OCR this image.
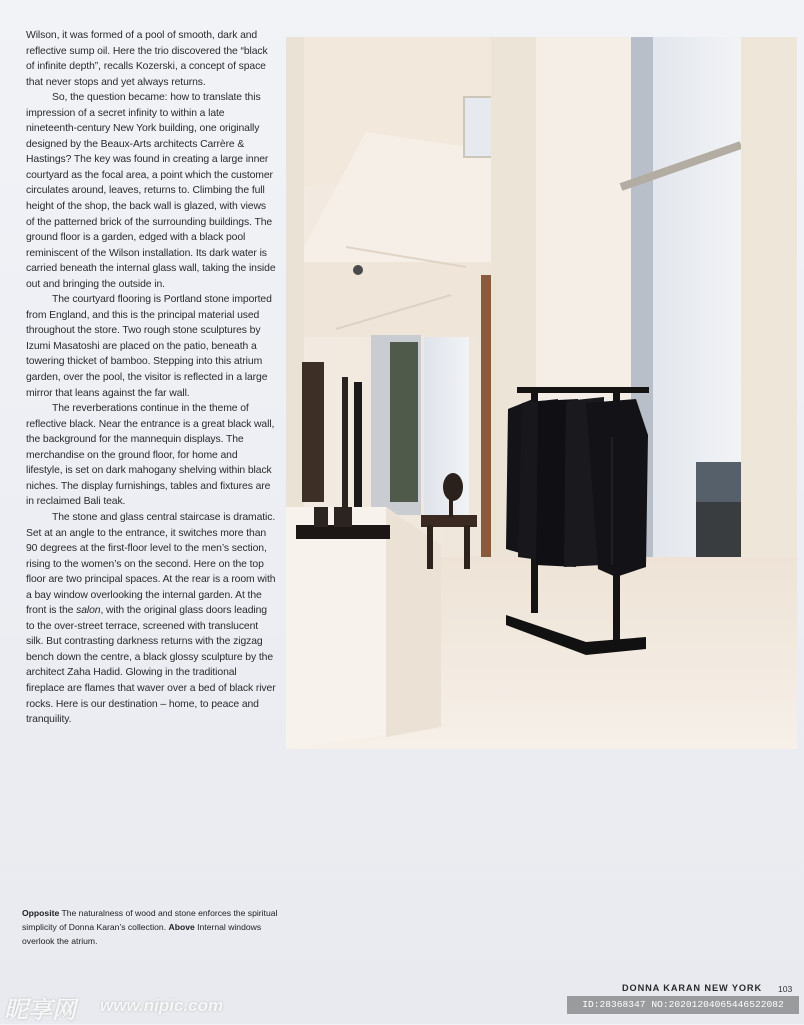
Wilson, it was formed of a pool of smooth, dark and reflective sump oil. Here the trio discovered the “black of infinite depth”, recalls Kozerski, a concept of space that never stops and yet always returns.

So, the question became: how to translate this impression of a secret infinity to within a late nineteenth-century New York building, one originally designed by the Beaux-Arts architects Carrère & Hastings? The key was found in creating a large inner courtyard as the focal area, a point which the customer circulates around, leaves, returns to. Climbing the full height of the shop, the back wall is glazed, with views of the patterned brick of the surrounding buildings. The ground floor is a garden, edged with a black pool reminiscent of the Wilson installation. Its dark water is carried beneath the internal glass wall, taking the inside out and bringing the outside in.

The courtyard flooring is Portland stone imported from England, and this is the principal material used throughout the store. Two rough stone sculptures by Izumi Masatoshi are placed on the patio, beneath a towering thicket of bamboo. Stepping into this atrium garden, over the pool, the visitor is reflected in a large mirror that leans against the far wall.

The reverberations continue in the theme of reflective black. Near the entrance is a great black wall, the background for the mannequin displays. The merchandise on the ground floor, for home and lifestyle, is set on dark mahogany shelving within black niches. The display furnishings, tables and fixtures are in reclaimed Bali teak.

The stone and glass central staircase is dramatic. Set at an angle to the entrance, it switches more than 90 degrees at the first-floor level to the men’s section, rising to the women’s on the second. Here on the top floor are two principal spaces. At the rear is a room with a bay window overlooking the internal garden. At the front is the salon, with the original glass doors leading to the over-street terrace, screened with translucent silk. But contrasting darkness returns with the zigzag bench down the centre, a black glossy sculpture by the architect Zaha Hadid. Glowing in the traditional fireplace are flames that waver over a bed of black river rocks. Here is our destination – home, to peace and tranquility.

Opposite The naturalness of wood and stone enforces the spiritual simplicity of Donna Karan’s collection. Above Internal windows overlook the atrium.
DONNA KARAN NEW YORK 103
昵享网 www.nipic.com	ID:28368347 NO:20201204065446522082
